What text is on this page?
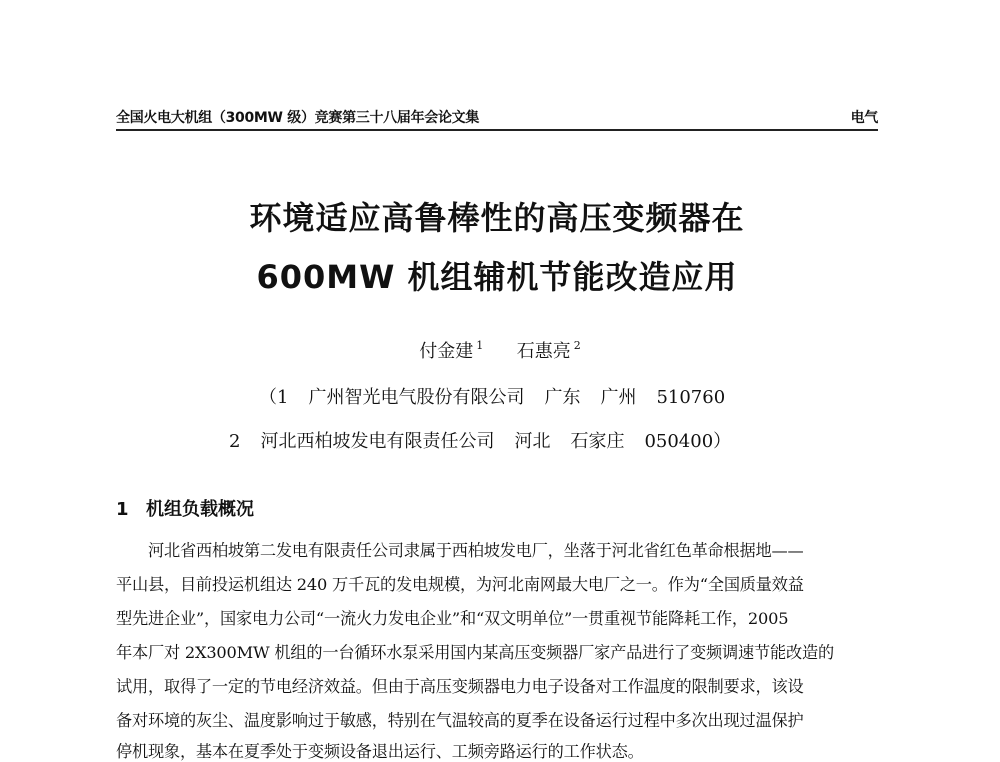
全国火电大机组（300MW 级）竞赛第三十八届年会论文集	电气
环境适应高鲁棒性的高压变频器在
600MW 机组辅机节能改造应用
付金建 $^1$ 石惠亮 $^2$
（1 广州智光电气股份有限公司 广东 广州 510760
2 河北西柏坡发电有限责任公司 河北 石家庄 050400）
1 机组负载概况
河北省西柏坡第二发电有限责任公司隶属于西柏坡发电厂，坐落于河北省红色革命根据地——
平山县，目前投运机组达 240 万千瓦的发电规模，为河北南网最大电厂之一。作为“全国质量效益
型先进企业”，国家电力公司“一流火力发电企业”和“双文明单位”一贯重视节能降耗工作，2005
年本厂对 2X300MW 机组的一台循环水泵采用国内某高压变频器厂家产品进行了变频调速节能改造的
试用，取得了一定的节电经济效益。但由于高压变频器电力电子设备对工作温度的限制要求，该设
备对环境的灰尘、温度影响过于敏感，特别在气温较高的夏季在设备运行过程中多次出现过温保护
停机现象，基本在夏季处于变频设备退出运行、工频旁路运行的工作状态。
